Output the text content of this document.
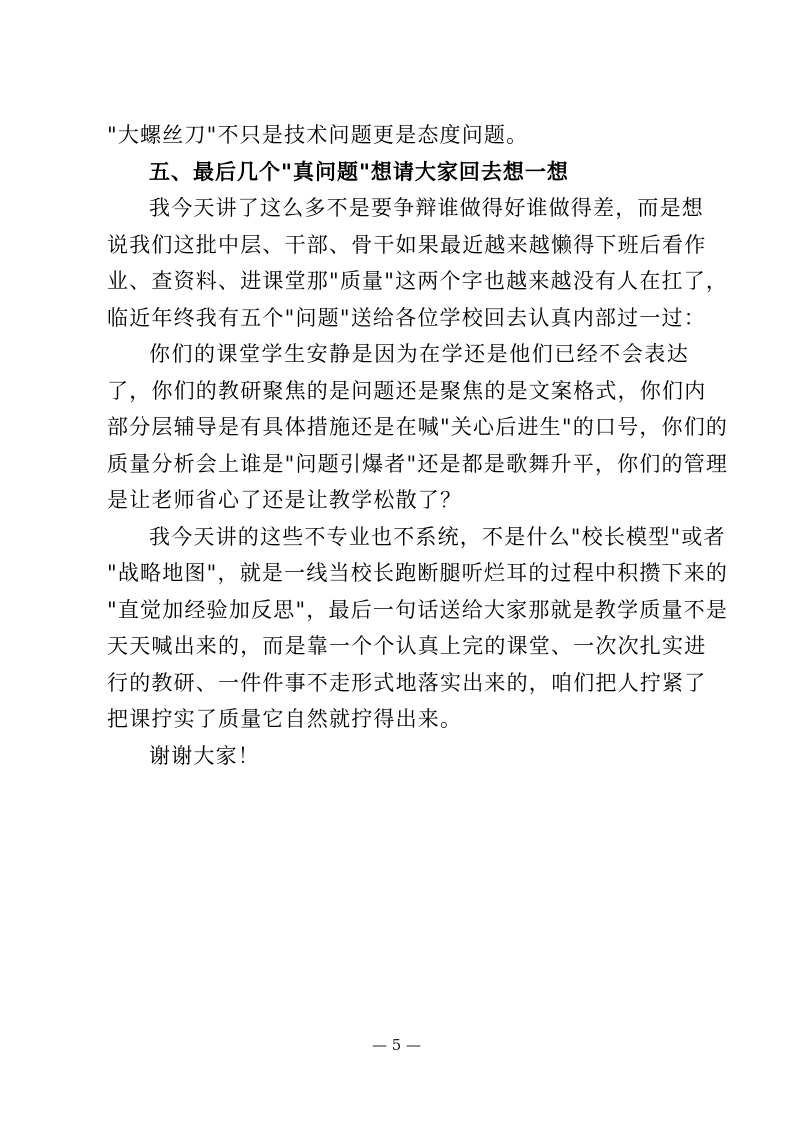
"大螺丝刀"不只是技术问题更是态度问题。
五、最后几个"真问题"想请大家回去想一想
我今天讲了这么多不是要争辩谁做得好谁做得差，而是想
说我们这批中层、干部、骨干如果最近越来越懒得下班后看作
业、查资料、进课堂那"质量"这两个字也越来越没有人在扛了，
临近年终我有五个"问题"送给各位学校回去认真内部过一过：
你们的课堂学生安静是因为在学还是他们已经不会表达
了，你们的教研聚焦的是问题还是聚焦的是文案格式，你们内
部分层辅导是有具体措施还是在喊"关心后进生"的口号，你们的
质量分析会上谁是"问题引爆者"还是都是歌舞升平，你们的管理
是让老师省心了还是让教学松散了？
我今天讲的这些不专业也不系统，不是什么"校长模型"或者
"战略地图"，就是一线当校长跑断腿听烂耳的过程中积攒下来的
"直觉加经验加反思"，最后一句话送给大家那就是教学质量不是
天天喊出来的，而是靠一个个认真上完的课堂、一次次扎实进
行的教研、一件件事不走形式地落实出来的，咱们把人拧紧了
把课拧实了质量它自然就拧得出来。
谢谢大家！
— 5 —
